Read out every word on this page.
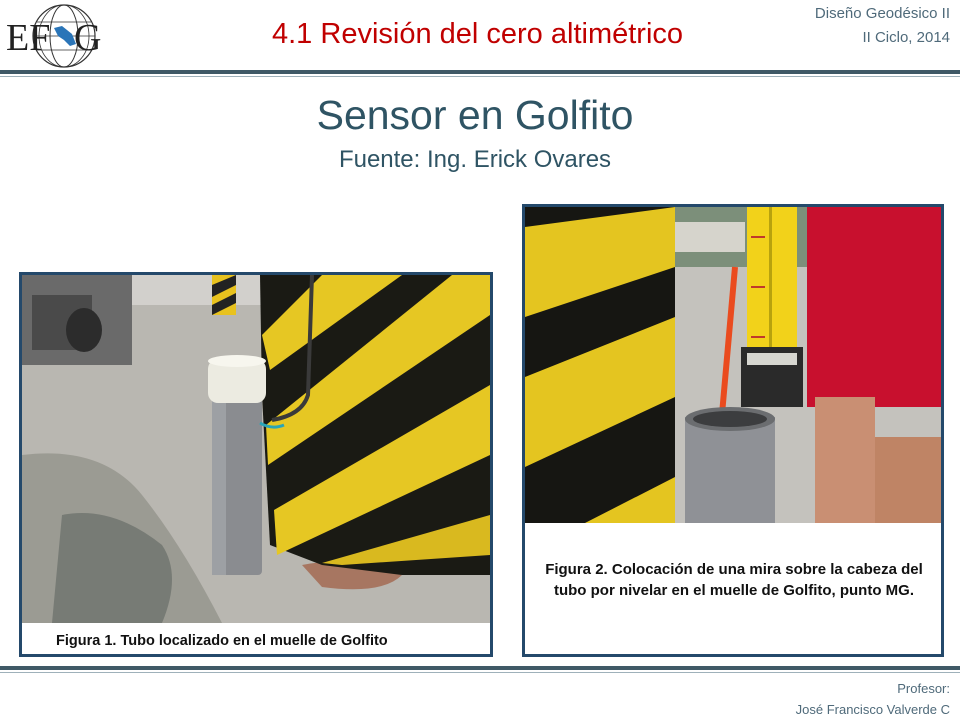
EF G	4.1 Revisión del cero altimétrico
Diseño Geodésico II
II Ciclo, 2014
Sensor en Golfito
Fuente: Ing. Erick Ovares
Figura 1. Tubo localizado en el muelle de Golfito
Figura 2. Colocación de una mira sobre la cabeza del tubo por nivelar en el muelle de Golfito, punto MG.
Profesor:
José Francisco Valverde C
